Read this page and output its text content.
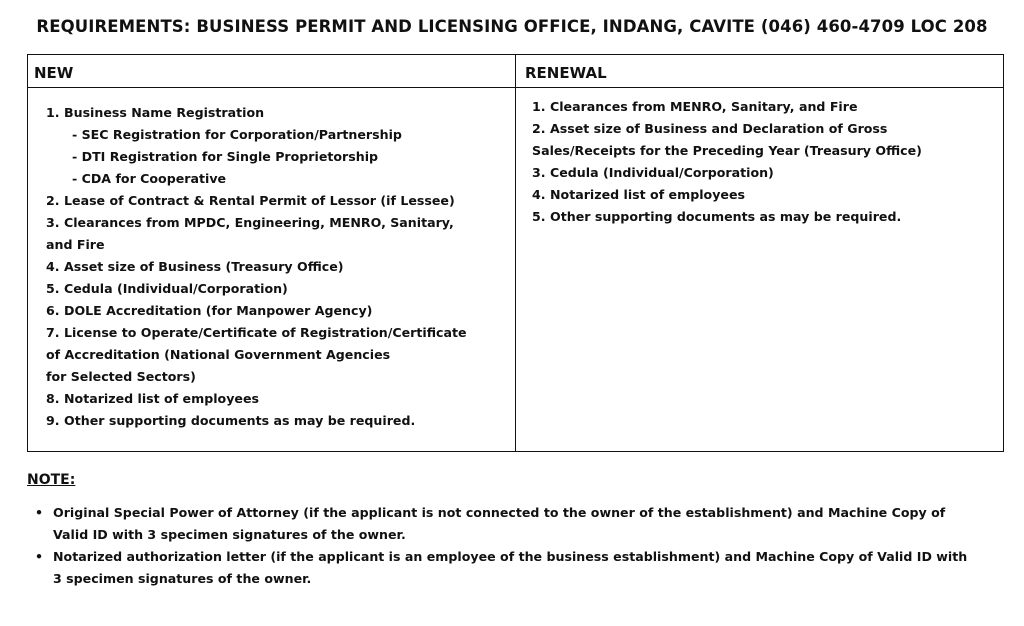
REQUIREMENTS: BUSINESS PERMIT AND LICENSING OFFICE, INDANG, CAVITE (046) 460-4709 LOC 208
NEW	RENEWAL
1. Business Name Registration
- SEC Registration for Corporation/Partnership
- DTI Registration for Single Proprietorship
- CDA for Cooperative
2. Lease of Contract & Rental Permit of Lessor (if Lessee)
3. Clearances from MPDC, Engineering, MENRO, Sanitary,
and Fire
4. Asset size of Business (Treasury Office)
5. Cedula (Individual/Corporation)
6. DOLE Accreditation (for Manpower Agency)
7. License to Operate/Certificate of Registration/Certificate
of Accreditation (National Government Agencies
for Selected Sectors)
8. Notarized list of employees
9. Other supporting documents as may be required.
1. Clearances from MENRO, Sanitary, and Fire
2. Asset size of Business and Declaration of Gross
Sales/Receipts for the Preceding Year (Treasury Office)
3. Cedula (Individual/Corporation)
4. Notarized list of employees
5. Other supporting documents as may be required.
NOTE:
• Original Special Power of Attorney (if the applicant is not connected to the owner of the establishment) and Machine Copy of Valid ID with 3 specimen signatures of the owner.
• Notarized authorization letter (if the applicant is an employee of the business establishment) and Machine Copy of Valid ID with 3 specimen signatures of the owner.
